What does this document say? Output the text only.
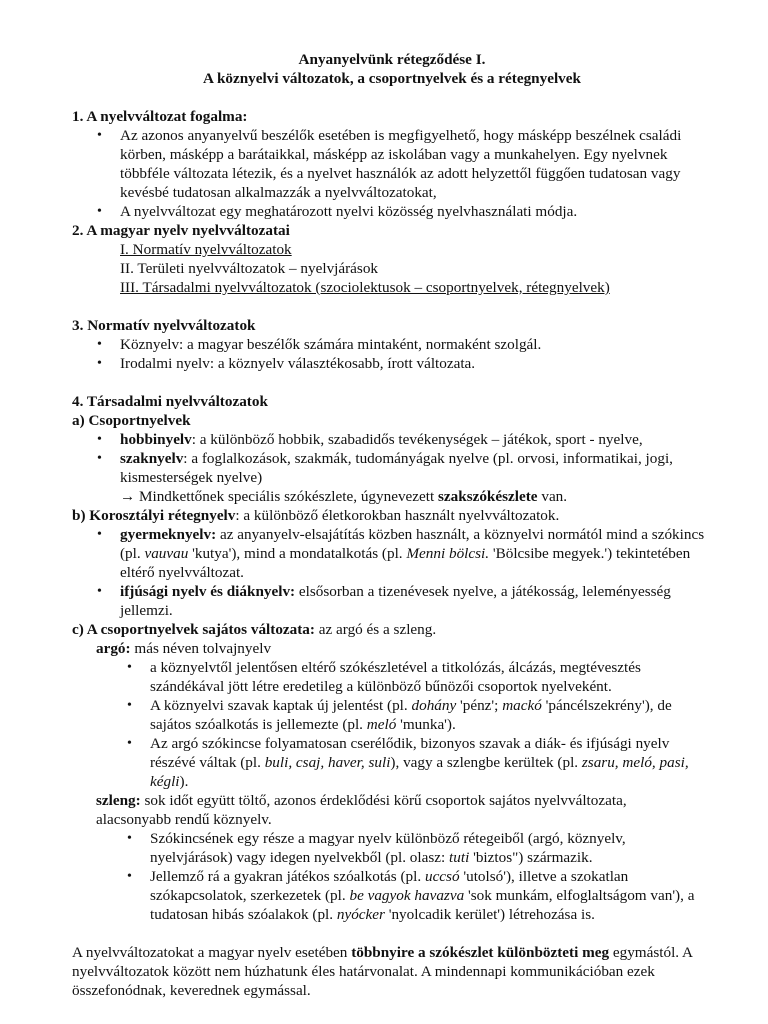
Anyanyelvünk rétegződése I.
A köznyelvi változatok, a csoportnyelvek és a rétegnyelvek
1. A nyelvváltozat fogalma:
• Az azonos anyanyelvű beszélők esetében is megfigyelhető, hogy másképp beszélnek családi körben, másképp a barátaikkal, másképp az iskolában vagy a munkahelyen. Egy nyelvnek többféle változata létezik, és a nyelvet használók az adott helyzettől függően tudatosan vagy kevésbé tudatosan alkalmazzák a nyelvváltozatokat,
• A nyelvváltozat egy meghatározott nyelvi közösség nyelvhasználati módja.
2. A magyar nyelv nyelvváltozatai
I. Normatív nyelvváltozatok
II. Területi nyelvváltozatok – nyelvjárások
III. Társadalmi nyelvváltozatok (szociolektusok – csoportnyelvek, rétegnyelvek)
3. Normatív nyelvváltozatok
• Köznyelv: a magyar beszélők számára mintaként, normaként szolgál.
• Irodalmi nyelv: a köznyelv választékosabb, írott változata.
4. Társadalmi nyelvváltozatok
a) Csoportnyelvek
• hobbinyelv: a különböző hobbik, szabadidős tevékenységek – játékok, sport - nyelve,
• szaknyelv: a foglalkozások, szakmák, tudományágak nyelve (pl. orvosi, informatikai, jogi, kismesterségek nyelve)
→ Mindkettőnek speciális szókészlete, úgynevezett szakszókészlete van.
b) Korosztályi rétegnyelv: a különböző életkorokban használt nyelvváltozatok.
• gyermeknyelv: az anyanyelv-elsajátítás közben használt, a köznyelvi normától mind a szókincs (pl. vauvau 'kutya'), mind a mondatalkotás (pl. Menni bölcsi. 'Bölcsibe megyek.') tekintetében eltérő nyelvváltozat.
• ifjúsági nyelv és diáknyelv: elsősorban a tizenévesek nyelve, a játékosság, leleményesség jellemzi.
c) A csoportnyelvek sajátos változata: az argó és a szleng.
argó: más néven tolvajnyelv
• a köznyelvtől jelentősen eltérő szókészletével a titkolózás, álcázás, megtévesztés szándékával jött létre eredetileg a különböző bűnözői csoportok nyelveként.
• A köznyelvi szavak kaptak új jelentést (pl. dohány 'pénz'; mackó 'páncélszekrény'), de sajátos szóalkotás is jellemezte (pl. meló 'munka').
• Az argó szókincse folyamatosan cserélődik, bizonyos szavak a diák- és ifjúsági nyelv részévé váltak (pl. buli, csaj, haver, suli), vagy a szlengbe kerültek (pl. zsaru, meló, pasi, kégli).
szleng: sok időt együtt töltő, azonos érdeklődési körű csoportok sajátos nyelvváltozata, alacsonyabb rendű köznyelv.
• Szókincsének egy része a magyar nyelv különböző rétegeiből (argó, köznyelv, nyelvjárások) vagy idegen nyelvekből (pl. olasz: tuti 'biztos") származik.
• Jellemző rá a gyakran játékos szóalkotás (pl. uccsó 'utolsó'), illetve a szokatlan szókapcsolatok, szerkezetek (pl. be vagyok havazva 'sok munkám, elfoglaltságom van'), a tudatosan hibás szóalakok (pl. nyócker 'nyolcadik kerület') létrehozása is.
A nyelvváltozatokat a magyar nyelv esetében többnyire a szókészlet különbözteti meg egymástól. A nyelvváltozatok között nem húzhatunk éles határvonalat. A mindennapi kommunikációban ezek összefonódnak, keverednek egymással.
